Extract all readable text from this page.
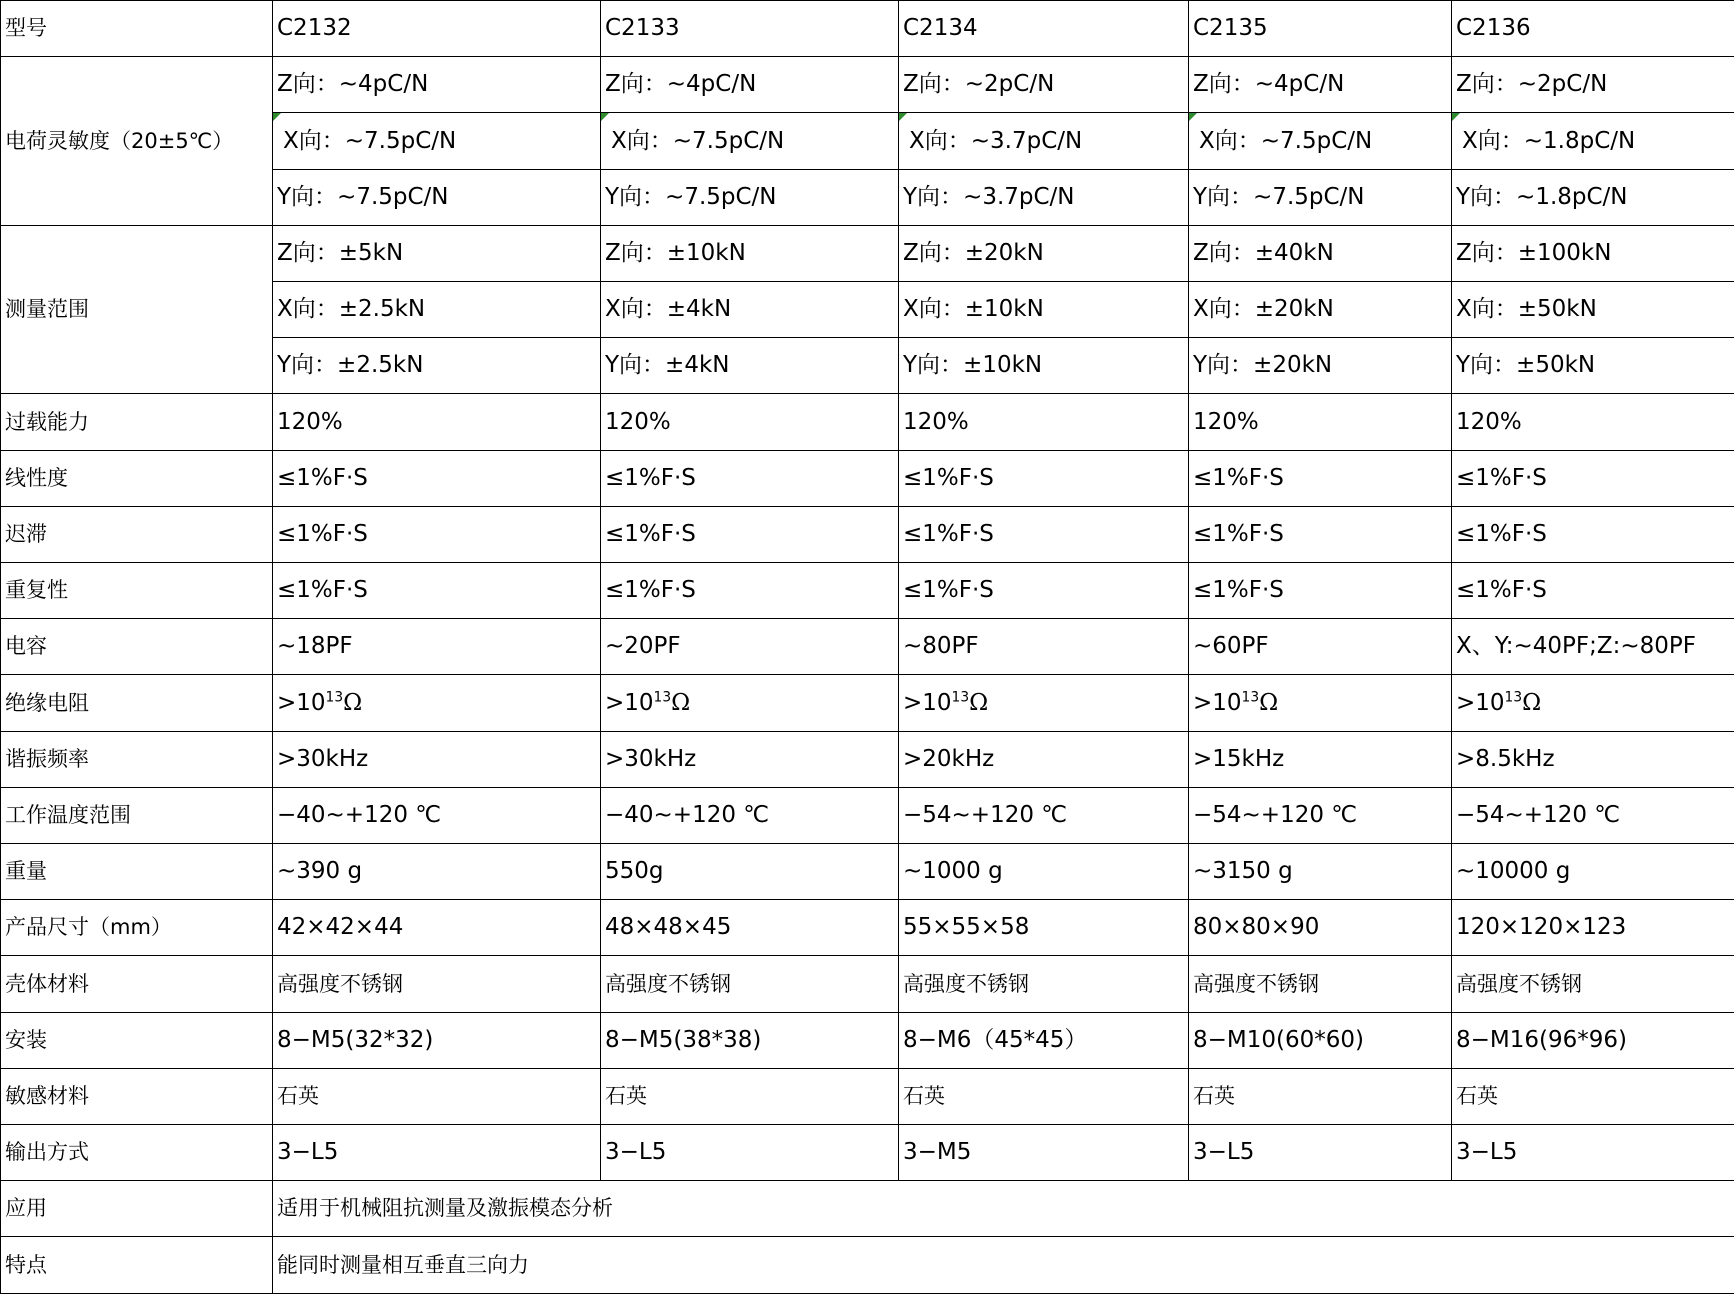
型号	C2132	C2133	C2134	C2135	C2136
电荷灵敏度（20±5℃）	Z向：~4pC/N	Z向：~4pC/N	Z向：~2pC/N	Z向：~4pC/N	Z向：~2pC/N
	X向：~7.5pC/N	X向：~7.5pC/N	X向：~3.7pC/N	X向：~7.5pC/N	X向：~1.8pC/N
	Y向：~7.5pC/N	Y向：~7.5pC/N	Y向：~3.7pC/N	Y向：~7.5pC/N	Y向：~1.8pC/N
测量范围	Z向：±5kN	Z向：±10kN	Z向：±20kN	Z向：±40kN	Z向：±100kN
	X向：±2.5kN	X向：±4kN	X向：±10kN	X向：±20kN	X向：±50kN
	Y向：±2.5kN	Y向：±4kN	Y向：±10kN	Y向：±20kN	Y向：±50kN
过载能力	120%	120%	120%	120%	120%
线性度	≤1%F·S	≤1%F·S	≤1%F·S	≤1%F·S	≤1%F·S
迟滞	≤1%F·S	≤1%F·S	≤1%F·S	≤1%F·S	≤1%F·S
重复性	≤1%F·S	≤1%F·S	≤1%F·S	≤1%F·S	≤1%F·S
电容	~18PF	~20PF	~80PF	~60PF	X、Y:~40PF;Z:~80PF
绝缘电阻	$>10^{13}\Omega$	$>10^{13}\Omega$	$>10^{13}\Omega$	$>10^{13}\Omega$	$>10^{13}\Omega$
谐振频率	>30kHz	>30kHz	>20kHz	>15kHz	>8.5kHz
工作温度范围	−40~+120 ℃	−40~+120 ℃	−54~+120 ℃	−54~+120 ℃	−54~+120 ℃
重量	~390 g	550g	~1000 g	~3150 g	~10000 g
产品尺寸（mm）	42×42×44	48×48×45	55×55×58	80×80×90	120×120×123
壳体材料	高强度不锈钢	高强度不锈钢	高强度不锈钢	高强度不锈钢	高强度不锈钢
安装	8−M5(32*32)	8−M5(38*38)	8−M6（45*45）	8−M10(60*60)	8−M16(96*96)
敏感材料	石英	石英	石英	石英	石英
输出方式	3−L5	3−L5	3−M5	3−L5	3−L5
应用	适用于机械阻抗测量及激振模态分析				
特点	能同时测量相互垂直三向力				
